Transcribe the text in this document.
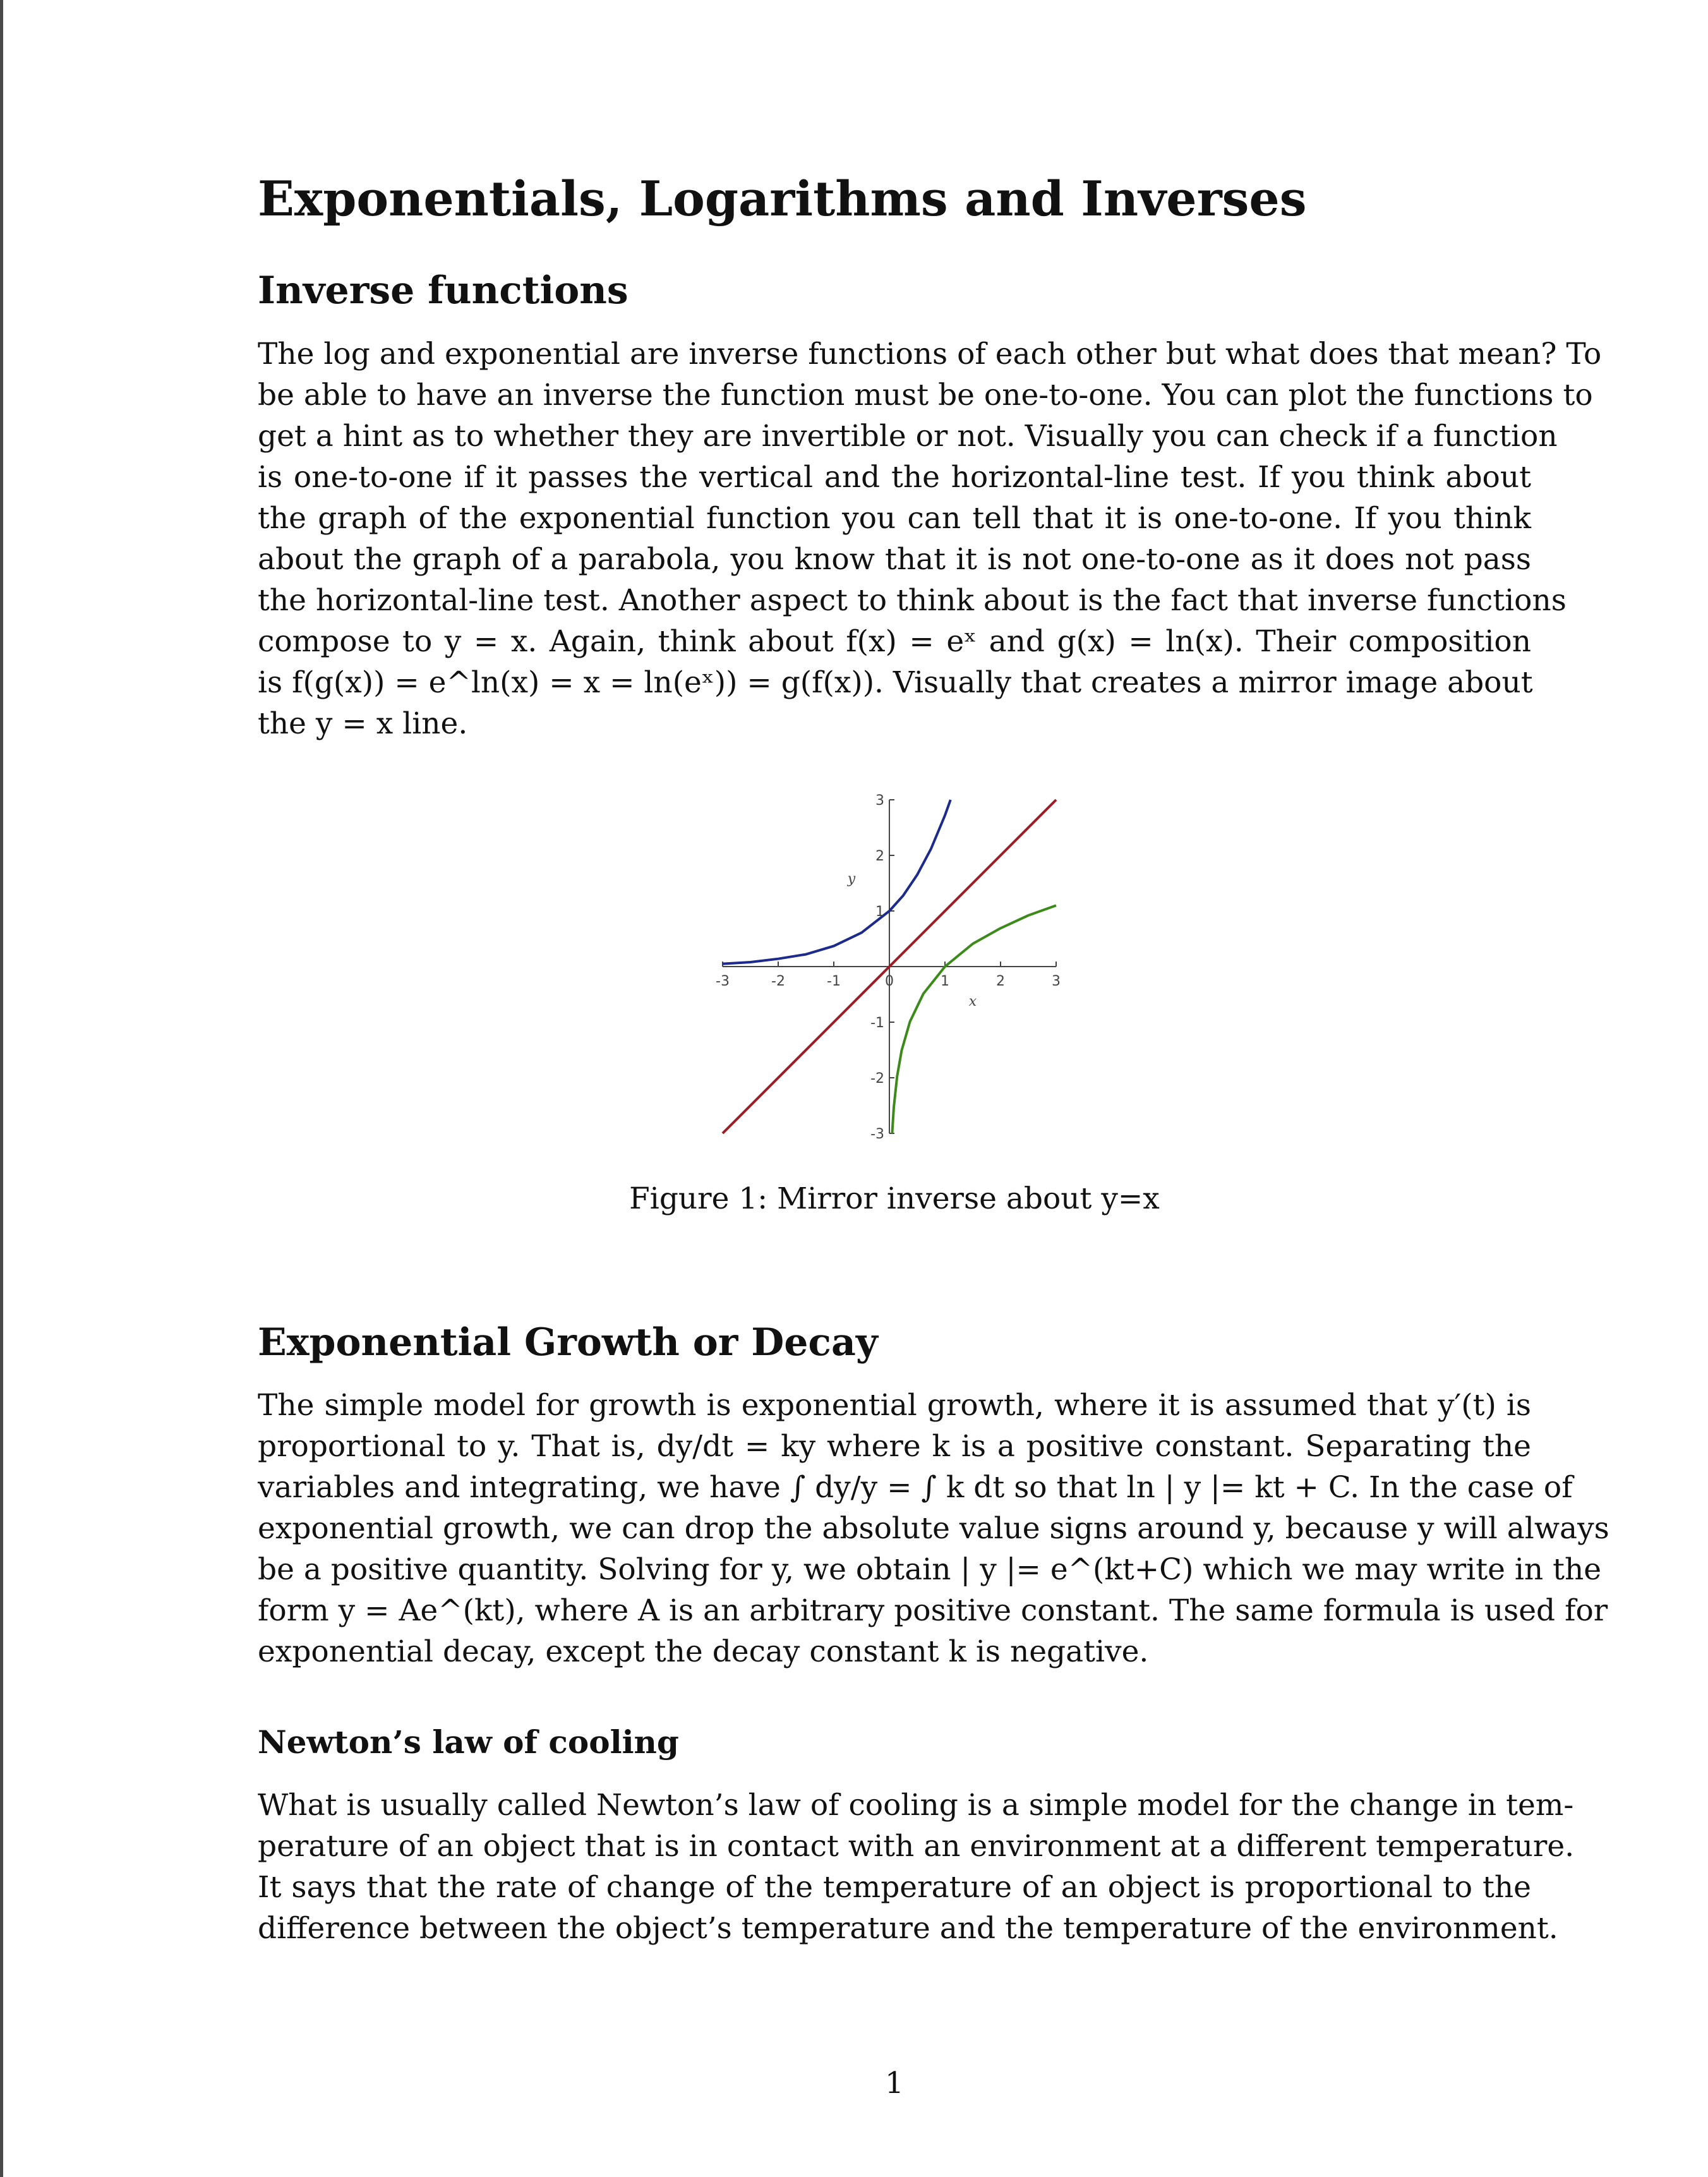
Exponentials, Logarithms and Inverses
Inverse functions
The log and exponential are inverse functions of each other but what does that mean? To
be able to have an inverse the function must be one-to-one. You can plot the functions to
get a hint as to whether they are invertible or not. Visually you can check if a function
is one-to-one if it passes the vertical and the horizontal-line test. If you think about
the graph of the exponential function you can tell that it is one-to-one. If you think
about the graph of a parabola, you know that it is not one-to-one as it does not pass
the horizontal-line test. Another aspect to think about is the fact that inverse functions
compose to y = x. Again, think about f(x) = eˣ and g(x) = ln(x). Their composition
is f(g(x)) = e^ln(x) = x = ln(eˣ)) = g(f(x)). Visually that creates a mirror image about
the y = x line.
-3	-2	-1	0	1	2	3
-3
-2
-1
1
2
3
x
y
Figure 1: Mirror inverse about y=x
Exponential Growth or Decay
The simple model for growth is exponential growth, where it is assumed that y′(t) is
proportional to y. That is, dy/dt = ky where k is a positive constant. Separating the
variables and integrating, we have ∫ dy/y = ∫ k dt so that ln | y |= kt + C. In the case of
exponential growth, we can drop the absolute value signs around y, because y will always
be a positive quantity. Solving for y, we obtain | y |= e^(kt+C) which we may write in the
form y = Ae^(kt), where A is an arbitrary positive constant. The same formula is used for
exponential decay, except the decay constant k is negative.
Newton’s law of cooling
What is usually called Newton’s law of cooling is a simple model for the change in tem-
perature of an object that is in contact with an environment at a different temperature.
It says that the rate of change of the temperature of an object is proportional to the
difference between the object’s temperature and the temperature of the environment.
1
